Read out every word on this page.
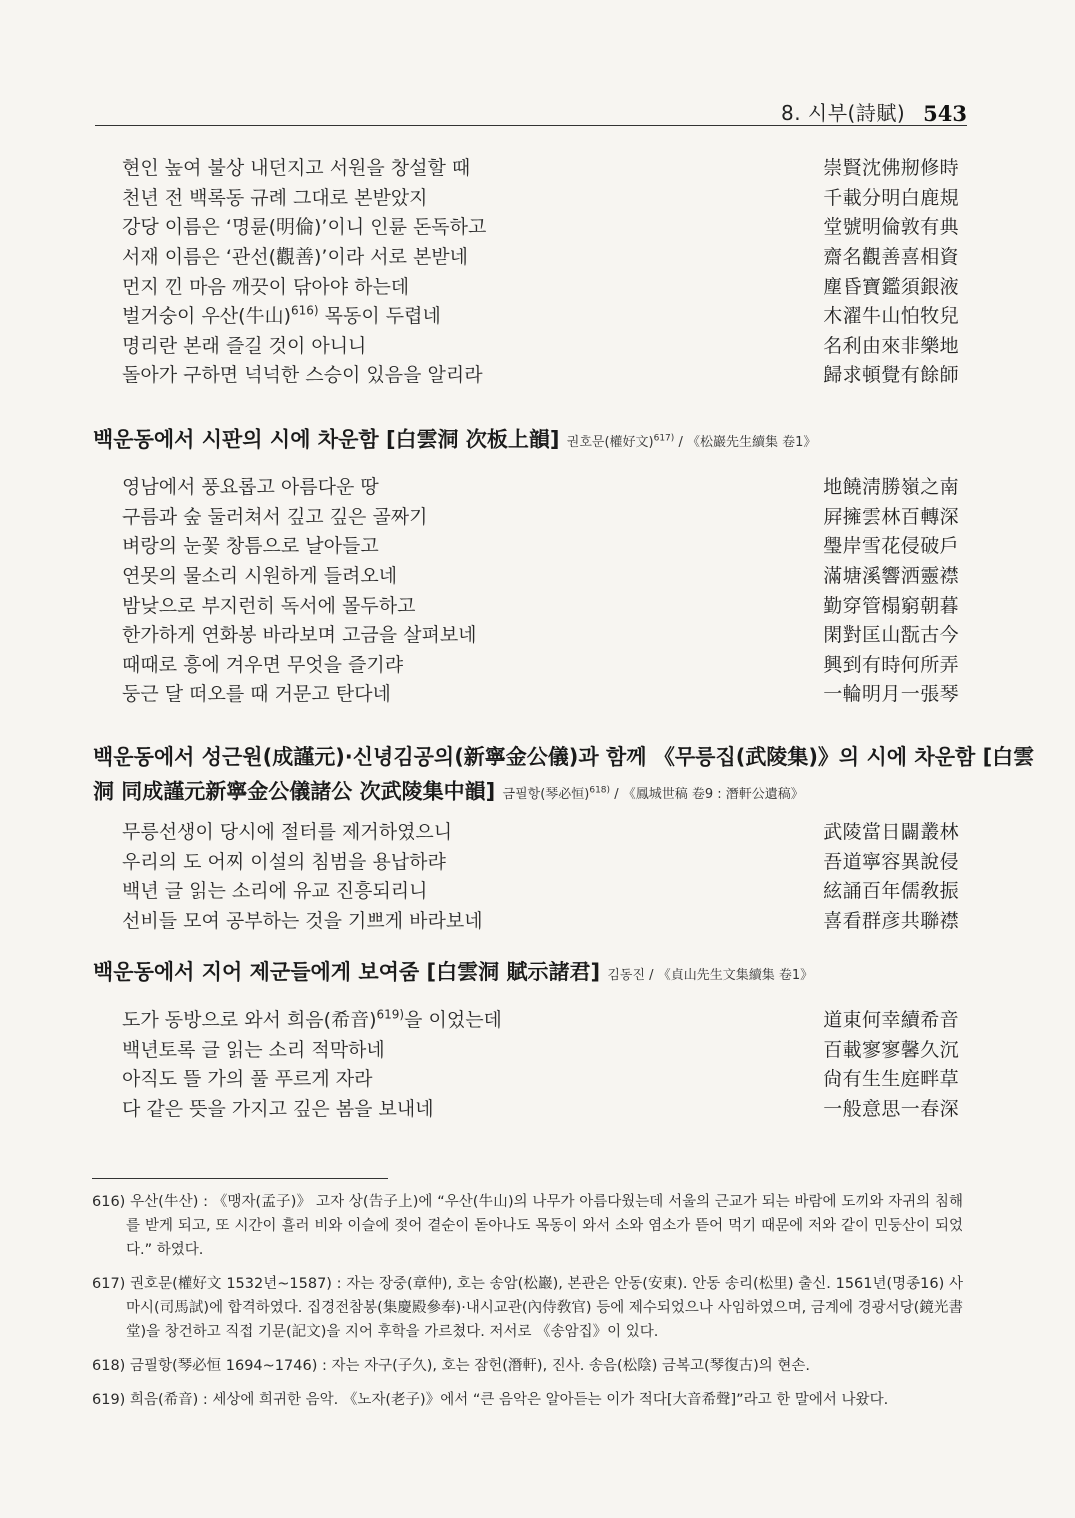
8. 시부(詩賦) 543
현인 높여 불상 내던지고 서원을 창설할 때	崇賢沈佛剏修時
천년 전 백록동 규례 그대로 본받았지	千載分明白鹿規
강당 이름은 ‘명륜(明倫)’이니 인륜 돈독하고	堂號明倫敦有典
서재 이름은 ‘관선(觀善)’이라 서로 본받네	齋名觀善喜相資
먼지 낀 마음 깨끗이 닦아야 하는데	塵昏寶鑑須銀液
벌거숭이 우산(牛山)$^{616)}$ 목동이 두렵네	木濯牛山怕牧兒
명리란 본래 즐길 것이 아니니	名利由來非樂地
돌아가 구하면 넉넉한 스승이 있음을 알리라	歸求頓覺有餘師
백운동에서 시판의 시에 차운함 [白雲洞 次板上韻] 권호문(權好文)$^{617)}$ / 《松巖先生續集 卷1》
영남에서 풍요롭고 아름다운 땅	地饒淸勝嶺之南
구름과 숲 둘러쳐서 깊고 깊은 골짜기	屛擁雲林百轉深
벼랑의 눈꽃 창틈으로 날아들고	璺岸雪花侵破戶
연못의 물소리 시원하게 들려오네	滿塘溪響洒靈襟
밤낮으로 부지런히 독서에 몰두하고	勤穿管榻窮朝暮
한가하게 연화봉 바라보며 고금을 살펴보네	閑對匡山翫古今
때때로 흥에 겨우면 무엇을 즐기랴	興到有時何所弄
둥근 달 떠오를 때 거문고 탄다네	一輪明月一張琴
백운동에서 성근원(成謹元)·신녕김공의(新寧金公儀)과 함께 《무릉집(武陵集)》의 시에 차운함 [白雲
洞 同成謹元新寧金公儀諸公 次武陵集中韻] 금필항(琴必恒)$^{618)}$ / 《鳳城世稿 卷9 : 潛軒公遺稿》
무릉선생이 당시에 절터를 제거하였으니	武陵當日闢叢林
우리의 도 어찌 이설의 침범을 용납하랴	吾道寧容異說侵
백년 글 읽는 소리에 유교 진흥되리니	絃誦百年儒敎振
선비들 모여 공부하는 것을 기쁘게 바라보네	喜看群彦共聯襟
백운동에서 지어 제군들에게 보여줌 [白雲洞 賦示諸君] 김동진 / 《貞山先生文集續集 卷1》
도가 동방으로 와서 희음(希音)$^{619)}$을 이었는데	道東何幸續希音
백년토록 글 읽는 소리 적막하네	百載寥寥馨久沉
아직도 뜰 가의 풀 푸르게 자라	尙有生生庭畔草
다 같은 뜻을 가지고 깊은 봄을 보내네	一般意思一春深
616) 우산(牛산) : 《맹자(孟子)》 고자 상(告子上)에 “우산(牛山)의 나무가 아름다웠는데 서울의 근교가 되는 바람에 도끼와 자귀의 침해를 받게 되고, 또 시간이 흘러 비와 이슬에 젖어 곁순이 돋아나도 목동이 와서 소와 염소가 뜯어 먹기 때문에 저와 같이 민둥산이 되었다.” 하였다.
617) 권호문(權好文 1532년~1587) : 자는 장중(章仲), 호는 송암(松巖), 본관은 안동(安東). 안동 송리(松里) 출신. 1561년(명종16) 사마시(司馬試)에 합격하였다. 집경전참봉(集慶殿參奉)·내시교관(內侍敎官) 등에 제수되었으나 사임하였으며, 금계에 경광서당(鏡光書堂)을 창건하고 직접 기문(記文)을 지어 후학을 가르쳤다. 저서로 《송암집》이 있다.
618) 금필항(琴必恒 1694~1746) : 자는 자구(子久), 호는 잠헌(潛軒), 진사. 송음(松陰) 금복고(琴復古)의 현손.
619) 희음(希音) : 세상에 희귀한 음악. 《노자(老子)》에서 “큰 음악은 알아듣는 이가 적다[大音希聲]”라고 한 말에서 나왔다.
